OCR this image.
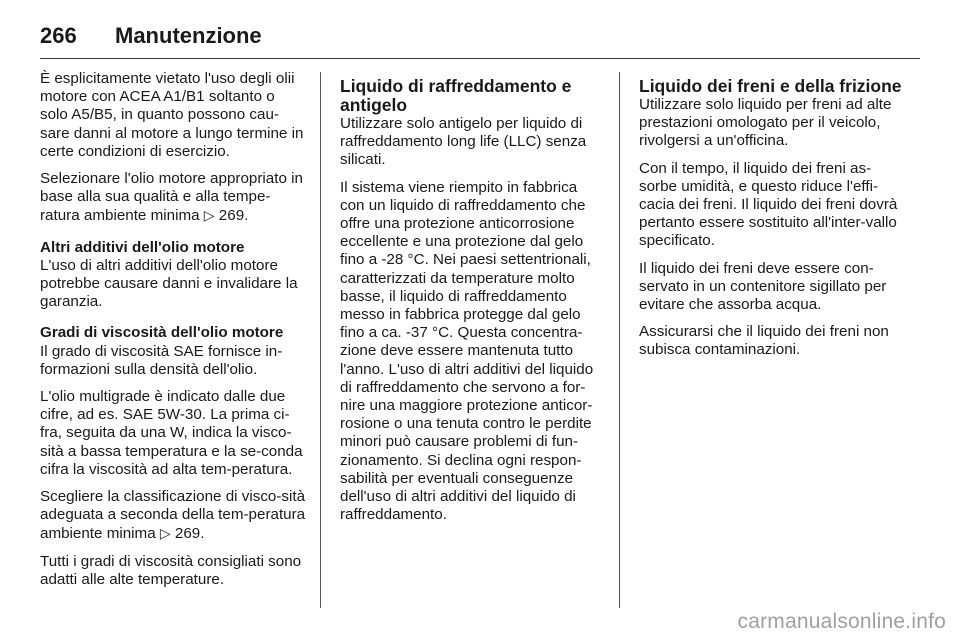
266	Manutenzione

È esplicitamente vietato l'uso degli olii motore con ACEA A1/B1 soltanto o solo A5/B5, in quanto possono cau-sare danni al motore a lungo termine in certe condizioni di esercizio.

Selezionare l'olio motore appropriato in base alla sua qualità e alla tempe-ratura ambiente minima ▷ 269.

Altri additivi dell'olio motore

L'uso di altri additivi dell'olio motore potrebbe causare danni e invalidare la garanzia.

Gradi di viscosità dell'olio motore

Il grado di viscosità SAE fornisce in-formazioni sulla densità dell'olio.

L'olio multigrade è indicato dalle due cifre, ad es. SAE 5W-30. La prima ci-fra, seguita da una W, indica la visco-sità a bassa temperatura e la se-conda cifra la viscosità ad alta tem-peratura.

Scegliere la classificazione di visco-sità adeguata a seconda della tem-peratura ambiente minima ▷ 269.

Tutti i gradi di viscosità consigliati sono adatti alle alte temperature.

Liquido di raffreddamento e antigelo

Utilizzare solo antigelo per liquido di raffreddamento long life (LLC) senza silicati.

Il sistema viene riempito in fabbrica con un liquido di raffreddamento che offre una protezione anticorrosione eccellente e una protezione dal gelo fino a -28 °C. Nei paesi settentrionali, caratterizzati da temperature molto basse, il liquido di raffreddamento messo in fabbrica protegge dal gelo fino a ca. -37 °C. Questa concentra-zione deve essere mantenuta tutto l'anno. L'uso di altri additivi del liquido di raffreddamento che servono a for-nire una maggiore protezione anticor-rosione o una tenuta contro le perdite minori può causare problemi di fun-zionamento. Si declina ogni respon-sabilità per eventuali conseguenze dell'uso di altri additivi del liquido di raffreddamento.

Liquido dei freni e della frizione

Utilizzare solo liquido per freni ad alte prestazioni omologato per il veicolo, rivolgersi a un'officina.

Con il tempo, il liquido dei freni as-sorbe umidità, e questo riduce l'effi-cacia dei freni. Il liquido dei freni dovrà pertanto essere sostituito all'inter-vallo specificato.

Il liquido dei freni deve essere con-servato in un contenitore sigillato per evitare che assorba acqua.

Assicurarsi che il liquido dei freni non subisca contaminazioni.

carmanualsonline.info
